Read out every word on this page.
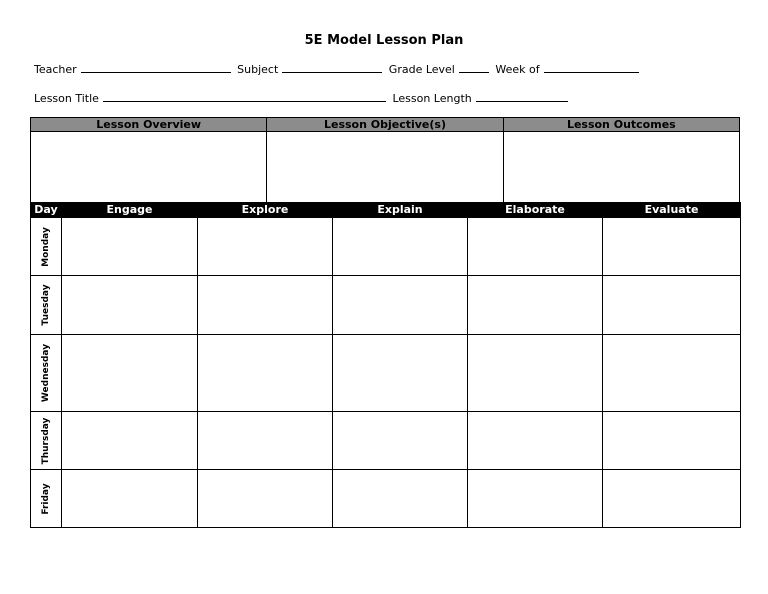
5E Model Lesson Plan
Teacher	Subject	Grade Level	Week of
Lesson Title	Lesson Length
Lesson Overview	Lesson Objective(s)	Lesson Outcomes

Day	Engage	Explore	Explain	Elaborate	Evaluate

Monday					

Tuesday					

Wednesday					

Thursday					

Friday					
